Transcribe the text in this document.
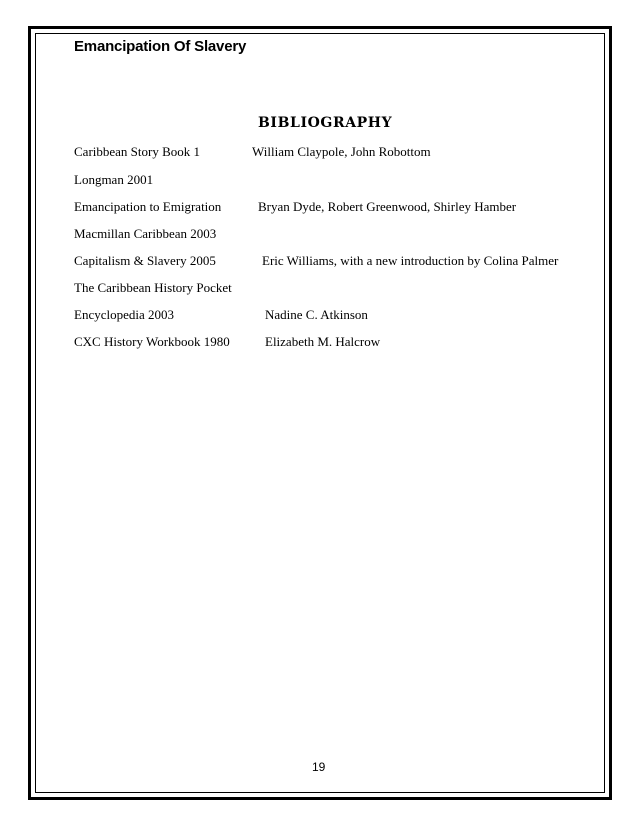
Emancipation Of Slavery
BIBLIOGRAPHY
Caribbean Story Book 1	William Claypole, John Robottom
Longman 2001
Emancipation to Emigration	Bryan Dyde, Robert Greenwood, Shirley Hamber
Macmillan Caribbean 2003
Capitalism & Slavery 2005	Eric Williams, with a new introduction by Colina Palmer
The Caribbean History Pocket
Encyclopedia 2003	Nadine C. Atkinson
CXC History Workbook 1980	Elizabeth M. Halcrow
19
